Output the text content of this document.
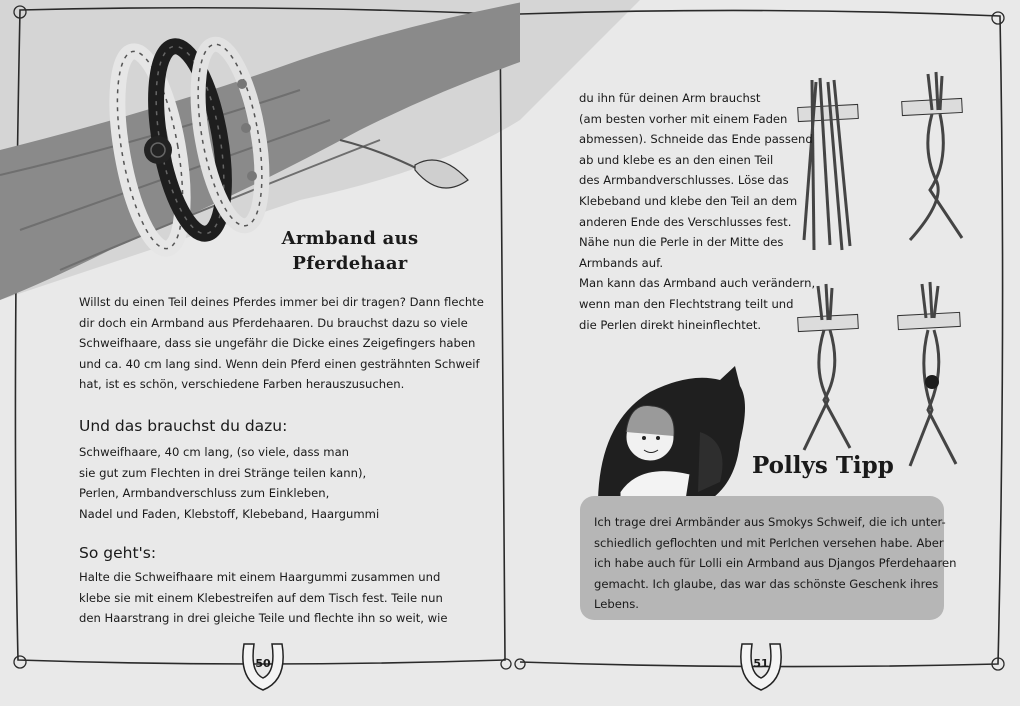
Armband aus Pferdehaar
Willst du einen Teil deines Pferdes immer bei dir tragen? Dann flechte
dir doch ein Armband aus Pferdehaaren. Du brauchst dazu so viele
Schweifhaare, dass sie ungefähr die Dicke eines Zeigefingers haben
und ca. 40 cm lang sind. Wenn dein Pferd einen gesträhnten Schweif
hat, ist es schön, verschiedene Farben herauszusuchen.
Und das brauchst du dazu:
Schweifhaare, 40 cm lang, (so viele, dass man
sie gut zum Flechten in drei Stränge teilen kann),
Perlen, Armbandverschluss zum Einkleben,
Nadel und Faden, Klebstoff, Klebeband, Haargummi
So geht's:
Halte die Schweifhaare mit einem Haargummi zusammen und
klebe sie mit einem Klebestreifen auf dem Tisch fest. Teile nun
den Haarstrang in drei gleiche Teile und flechte ihn so weit, wie
50	51
du ihn für deinen Arm brauchst
(am besten vorher mit einem Faden
abmessen). Schneide das Ende passend
ab und klebe es an den einen Teil
des Armbandverschlusses. Löse das
Klebeband und klebe den Teil an dem
anderen Ende des Verschlusses fest.
Nähe nun die Perle in der Mitte des
Armbands auf.
Man kann das Armband auch verändern,
wenn man den Flechtstrang teilt und
die Perlen direkt hineinflechtet.
Pollys Tipp
Ich trage drei Armbänder aus Smokys Schweif, die ich unter-
schiedlich geflochten und mit Perlchen versehen habe. Aber
ich habe auch für Lolli ein Armband aus Djangos Pferdehaaren
gemacht. Ich glaube, das war das schönste Geschenk ihres
Lebens.
